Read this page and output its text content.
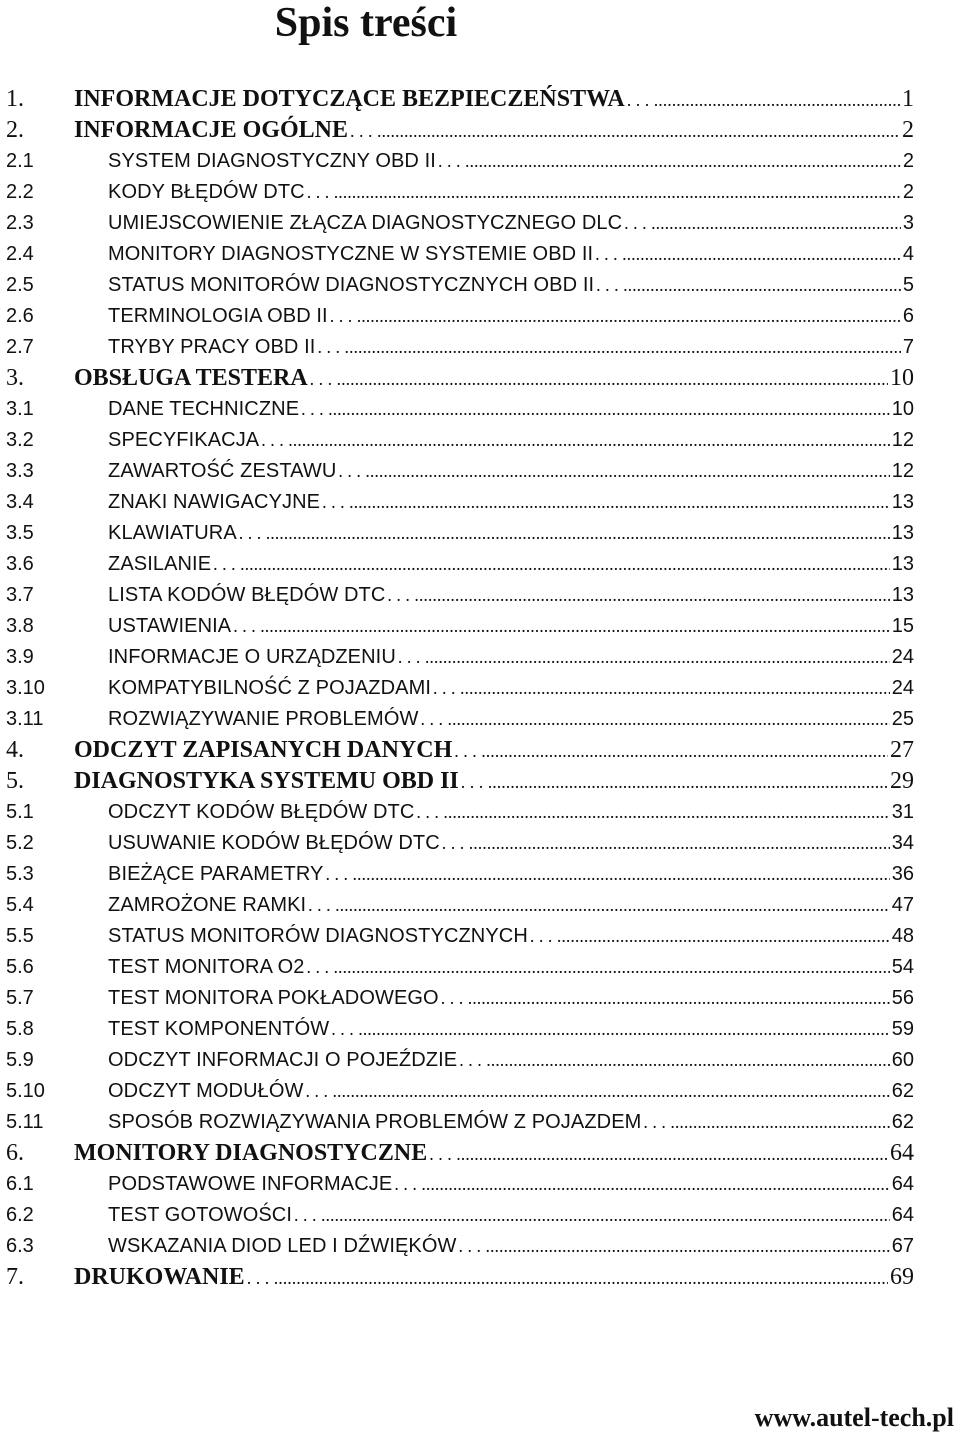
Spis treści
1.	INFORMACJE DOTYCZĄCE BEZPIECZEŃSTWA . . .	1
2.	INFORMACJE OGÓLNE . . .	2
2.1	SYSTEM DIAGNOSTYCZNY OBD II . . .	2
2.2	KODY BŁĘDÓW DTC . . .	2
2.3	UMIEJSCOWIENIE ZŁĄCZA DIAGNOSTYCZNEGO DLC . . .	3
2.4	MONITORY DIAGNOSTYCZNE W SYSTEMIE OBD II . . .	4
2.5	STATUS MONITORÓW DIAGNOSTYCZNYCH OBD II . . .	5
2.6	TERMINOLOGIA OBD II . . .	6
2.7	TRYBY PRACY OBD II . . .	7
3.	OBSŁUGA TESTERA . . .	10
3.1	DANE TECHNICZNE . . .	10
3.2	SPECYFIKACJA . . .	12
3.3	ZAWARTOŚĆ ZESTAWU . . .	12
3.4	ZNAKI NAWIGACYJNE . . .	13
3.5	KLAWIATURA . . .	13
3.6	ZASILANIE . . .	13
3.7	LISTA KODÓW BŁĘDÓW DTC . . .	13
3.8	USTAWIENIA . . .	15
3.9	INFORMACJE O URZĄDZENIU . . .	24
3.10	KOMPATYBILNOŚĆ Z POJAZDAMI . . .	24
3.11	ROZWIĄZYWANIE PROBLEMÓW . . .	25
4.	ODCZYT ZAPISANYCH DANYCH . . .	27
5.	DIAGNOSTYKA SYSTEMU OBD II . . .	29
5.1	ODCZYT KODÓW BŁĘDÓW DTC . . .	31
5.2	USUWANIE KODÓW BŁĘDÓW DTC . . .	34
5.3	BIEŻĄCE PARAMETRY . . .	36
5.4	ZAMROŻONE RAMKI . . .	47
5.5	STATUS MONITORÓW DIAGNOSTYCZNYCH . . .	48
5.6	TEST MONITORA O2 . . .	54
5.7	TEST MONITORA POKŁADOWEGO . . .	56
5.8	TEST KOMPONENTÓW . . .	59
5.9	ODCZYT INFORMACJI O POJEŹDZIE . . .	60
5.10	ODCZYT MODUŁÓW . . .	62
5.11	SPOSÓB ROZWIĄZYWANIA PROBLEMÓW Z POJAZDEM . . .	62
6.	MONITORY DIAGNOSTYCZNE . . .	64
6.1	PODSTAWOWE INFORMACJE . . .	64
6.2	TEST GOTOWOŚCI . . .	64
6.3	WSKAZANIA DIOD LED I DŹWIĘKÓW . . .	67
7.	DRUKOWANIE . . .	69
www.autel-tech.pl
